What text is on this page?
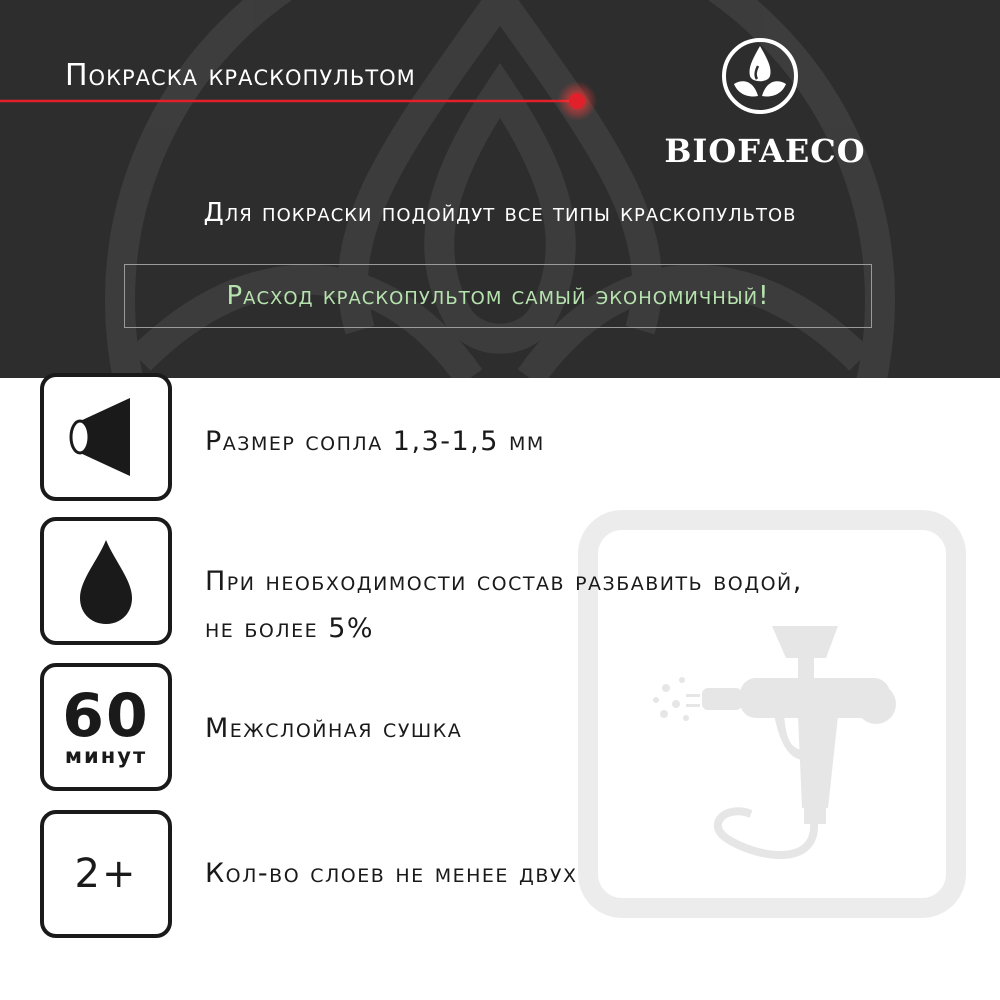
Покраска краскопультом
BIOFAECO
Для покраски подойдут все типы краскопультов
Расход краскопультом самый экономичный!
Размер сопла 1,3-1,5 мм
При необходимости состав разбавить водой,
не более 5%
60
минут
Межслойная сушка
2+	Кол-во слоев не менее двух
